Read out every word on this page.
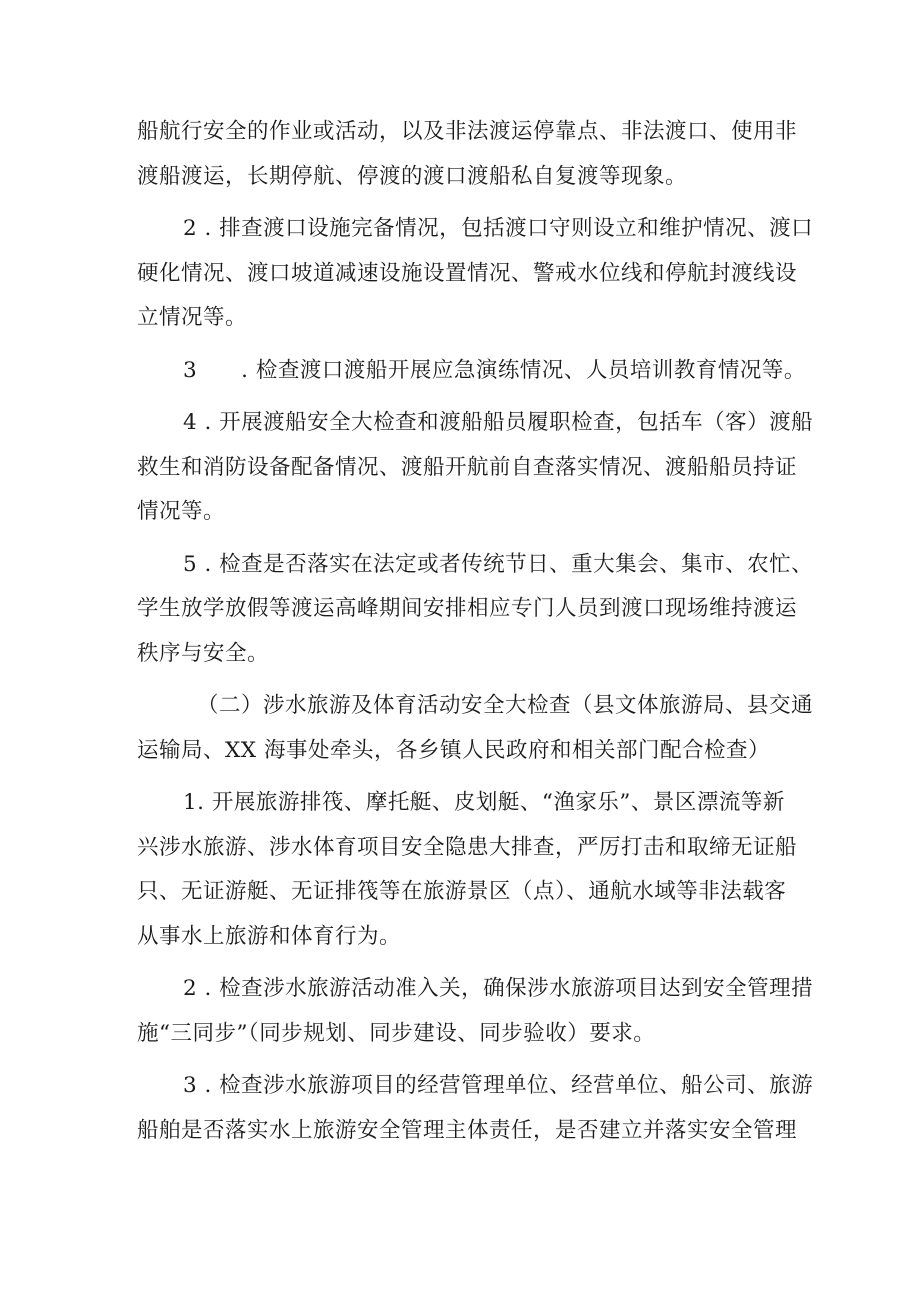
船航行安全的作业或活动，以及非法渡运停靠点、非法渡口、使用非
渡船渡运，长期停航、停渡的渡口渡船私自复渡等现象。
2 . 排查渡口设施完备情况，包括渡口守则设立和维护情况、渡口
硬化情况、渡口坡道减速设施设置情况、警戒水位线和停航封渡线设
立情况等。
3　　. 检查渡口渡船开展应急演练情况、人员培训教育情况等。
4 . 开展渡船安全大检查和渡船船员履职检查，包括车（客）渡船
救生和消防设备配备情况、渡船开航前自查落实情况、渡船船员持证
情况等。
5 . 检查是否落实在法定或者传统节日、重大集会、集市、农忙、
学生放学放假等渡运高峰期间安排相应专门人员到渡口现场维持渡运
秩序与安全。
（二）涉水旅游及体育活动安全大检查（县文体旅游局、县交通
运输局、XX 海事处牵头，各乡镇人民政府和相关部门配合检查）
1. 开展旅游排筏、摩托艇、皮划艇、“渔家乐”、景区漂流等新
兴涉水旅游、涉水体育项目安全隐患大排查，严厉打击和取缔无证船
只、无证游艇、无证排筏等在旅游景区（点）、通航水域等非法载客
从事水上旅游和体育行为。
2 . 检查涉水旅游活动准入关，确保涉水旅游项目达到安全管理措
施“三同步”（同步规划、同步建设、同步验收）要求。
3 . 检查涉水旅游项目的经营管理单位、经营单位、船公司、旅游
船舶是否落实水上旅游安全管理主体责任，是否建立并落实安全管理
